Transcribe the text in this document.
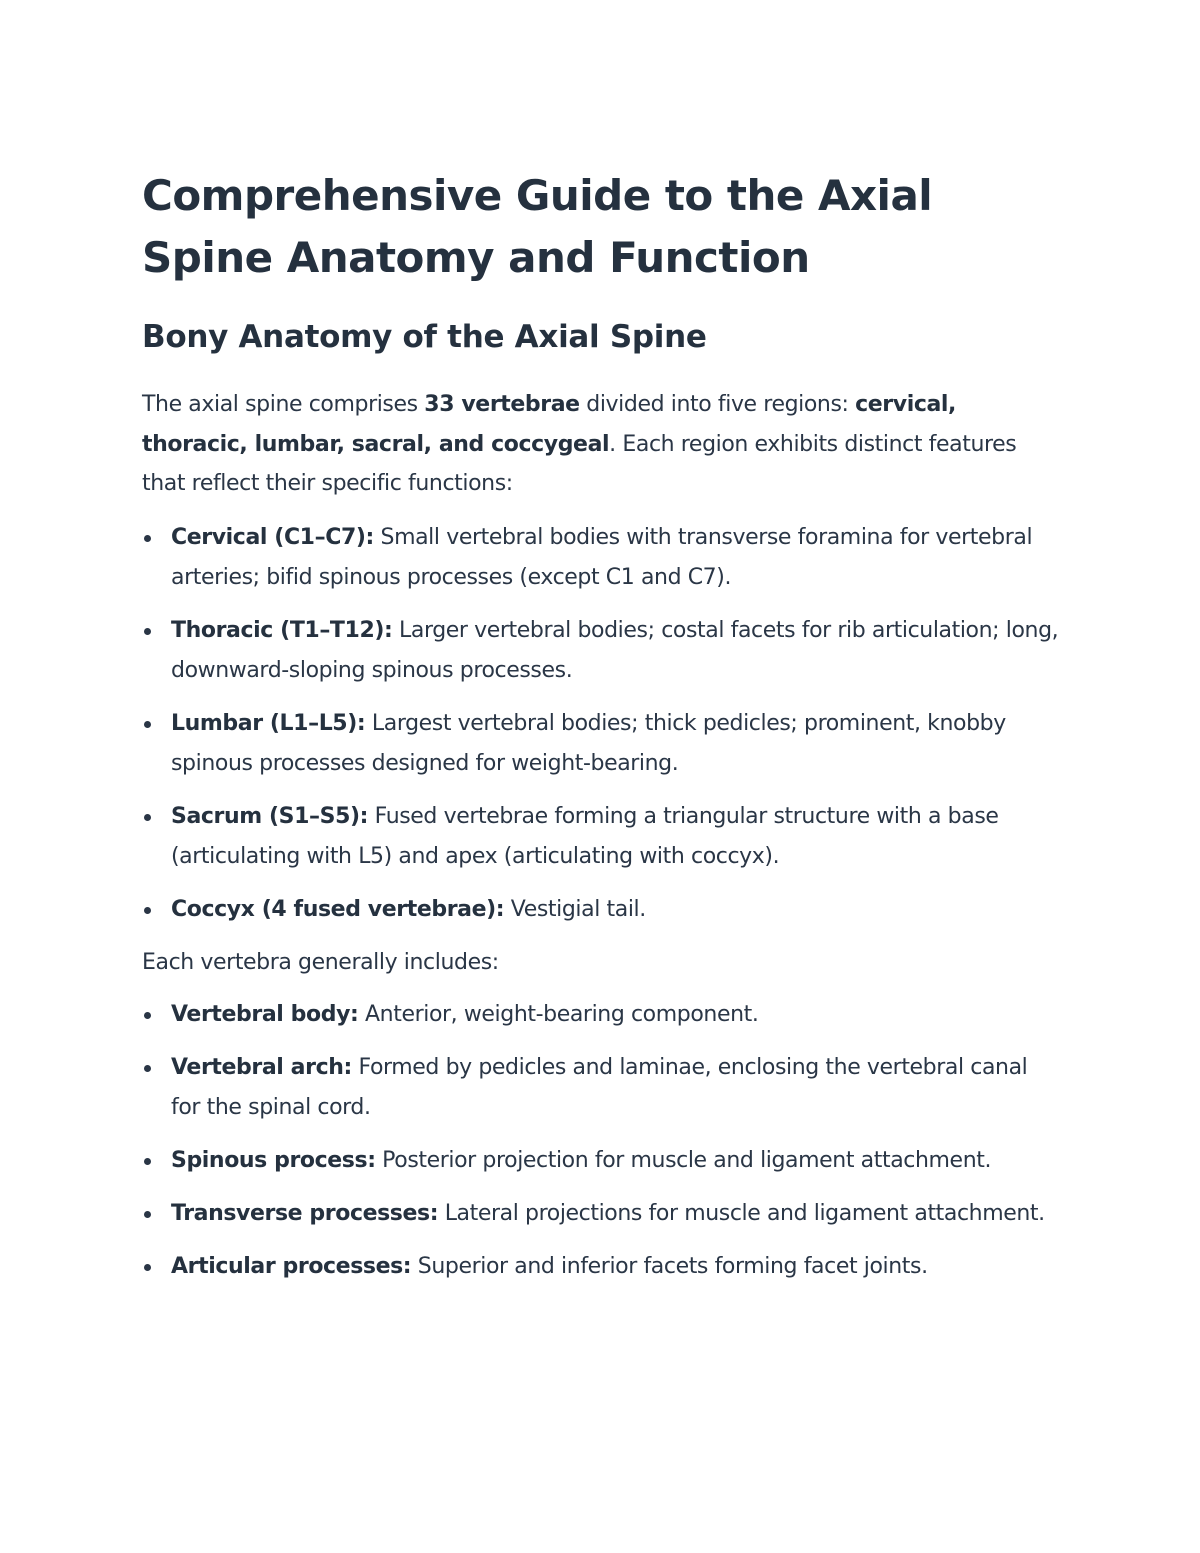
Comprehensive Guide to the Axial
Spine Anatomy and Function
Bony Anatomy of the Axial Spine

The axial spine comprises 33 vertebrae divided into five regions: cervical, thoracic, lumbar, sacral, and coccygeal. Each region exhibits distinct features that reflect their specific functions:

Cervical (C1–C7): Small vertebral bodies with transverse foramina for vertebral arteries; bifid spinous processes (except C1 and C7).
Thoracic (T1–T12): Larger vertebral bodies; costal facets for rib articulation; long, downward-sloping spinous processes.
Lumbar (L1–L5): Largest vertebral bodies; thick pedicles; prominent, knobby spinous processes designed for weight-bearing.
Sacrum (S1–S5): Fused vertebrae forming a triangular structure with a base (articulating with L5) and apex (articulating with coccyx).
Coccyx (4 fused vertebrae): Vestigial tail.

Each vertebra generally includes:

Vertebral body: Anterior, weight-bearing component.
Vertebral arch: Formed by pedicles and laminae, enclosing the vertebral canal for the spinal cord.
Spinous process: Posterior projection for muscle and ligament attachment.
Transverse processes: Lateral projections for muscle and ligament attachment.
Articular processes: Superior and inferior facets forming facet joints.
